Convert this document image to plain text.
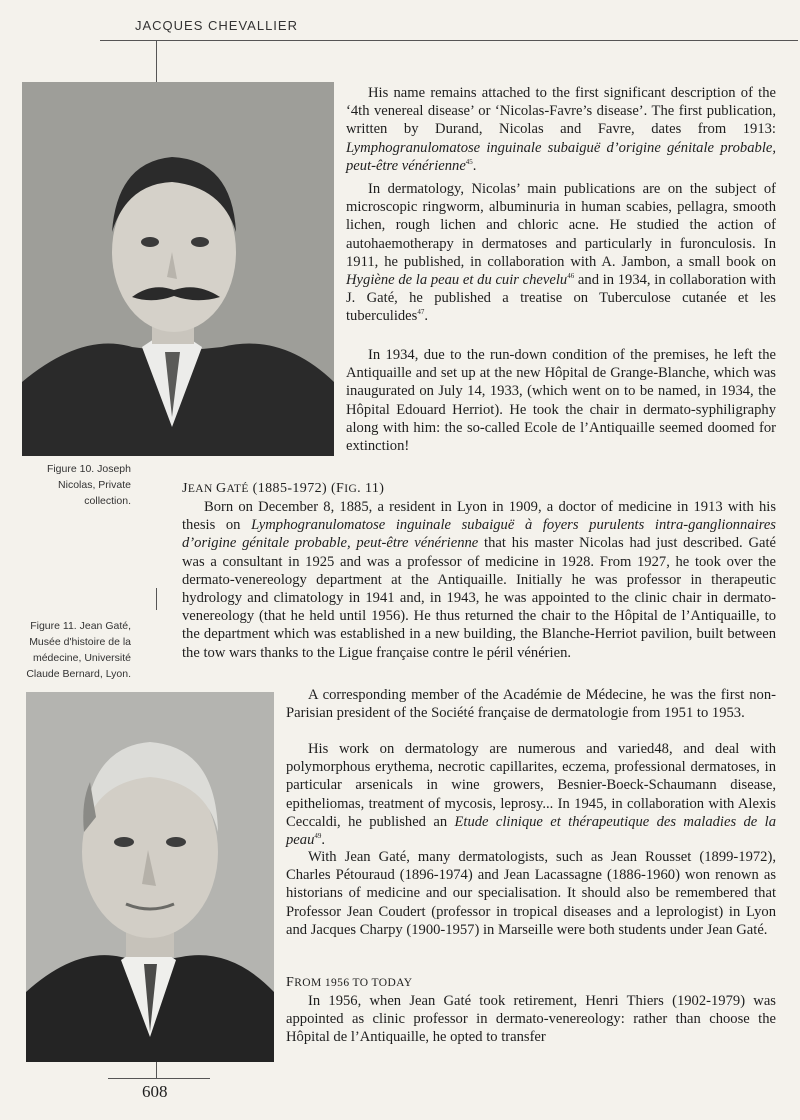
JACQUES CHEVALLIER

Figure 10. Joseph Nicolas, Private collection.

Figure 11. Jean Gaté, Musée d'histoire de la médecine, Université Claude Bernard, Lyon.

His name remains attached to the first significant description of the ‘4th venereal disease’ or ‘Nicolas-Favre’s disease’. The first publication, written by Durand, Nicolas and Favre, dates from 1913: Lymphogranulomatose inguinale subaiguë d’origine génitale probable, peut-être vénérienne$^{45}$.

In dermatology, Nicolas’ main publications are on the subject of microscopic ringworm, albuminuria in human scabies, pellagra, smooth lichen, rough lichen and chloric acne. He studied the action of autohaemotherapy in dermatoses and particularly in furonculosis. In 1911, he published, in collaboration with A. Jambon, a small book on Hygiène de la peau et du cuir chevelu$^{46}$ and in 1934, in collaboration with J. Gaté, he published a treatise on Tuberculose cutanée et les tuberculides$^{47}$.

In 1934, due to the run-down condition of the premises, he left the Antiquaille and set up at the new Hôpital de Grange-Blanche, which was inaugurated on July 14, 1933, (which went on to be named, in 1934, the Hôpital Edouard Herriot). He took the chair in dermato-syphiligraphy along with him: the so-called Ecole de l’Antiquaille seemed doomed for extinction!

JEAN GATÉ (1885-1972) (FIG. 11)

Born on December 8, 1885, a resident in Lyon in 1909, a doctor of medicine in 1913 with his thesis on Lymphogranulomatose inguinale subaiguë à foyers purulents intra-ganglionnaires d’origine génitale probable, peut-être vénérienne that his master Nicolas had just described. Gaté was a consultant in 1925 and was a professor of medicine in 1928. From 1927, he took over the dermato-venereology department at the Antiquaille. Initially he was professor in therapeutic hydrology and climatology in 1941 and, in 1943, he was appointed to the clinic chair in dermato-venereology (that he held until 1956). He thus returned the chair to the Hôpital de l’Antiquaille, to the department which was established in a new building, the Blanche-Herriot pavilion, built between the tow wars thanks to the Ligue française contre le péril vénérien.

A corresponding member of the Académie de Médecine, he was the first non-Parisian president of the Société française de dermatologie from 1951 to 1953.

His work on dermatology are numerous and varied48, and deal with polymorphous erythema, necrotic capillarites, eczema, professional dermatoses, in particular arsenicals in wine growers, Besnier-Boeck-Schaumann disease, epitheliomas, treatment of mycosis, leprosy... In 1945, in collaboration with Alexis Ceccaldi, he published an Etude clinique et thérapeutique des maladies de la peau$^{49}$.

With Jean Gaté, many dermatologists, such as Jean Rousset (1899-1972), Charles Pétouraud (1896-1974) and Jean Lacassagne (1886-1960) won renown as historians of medicine and our specialisation. It should also be remembered that Professor Jean Coudert (professor in tropical diseases and a leprologist) in Lyon and Jacques Charpy (1900-1957) in Marseille were both students under Jean Gaté.

FROM 1956 TO TODAY

In 1956, when Jean Gaté took retirement, Henri Thiers (1902-1979) was appointed as clinic professor in dermato-venereology: rather than choose the Hôpital de l’Antiquaille, he opted to transfer

608
